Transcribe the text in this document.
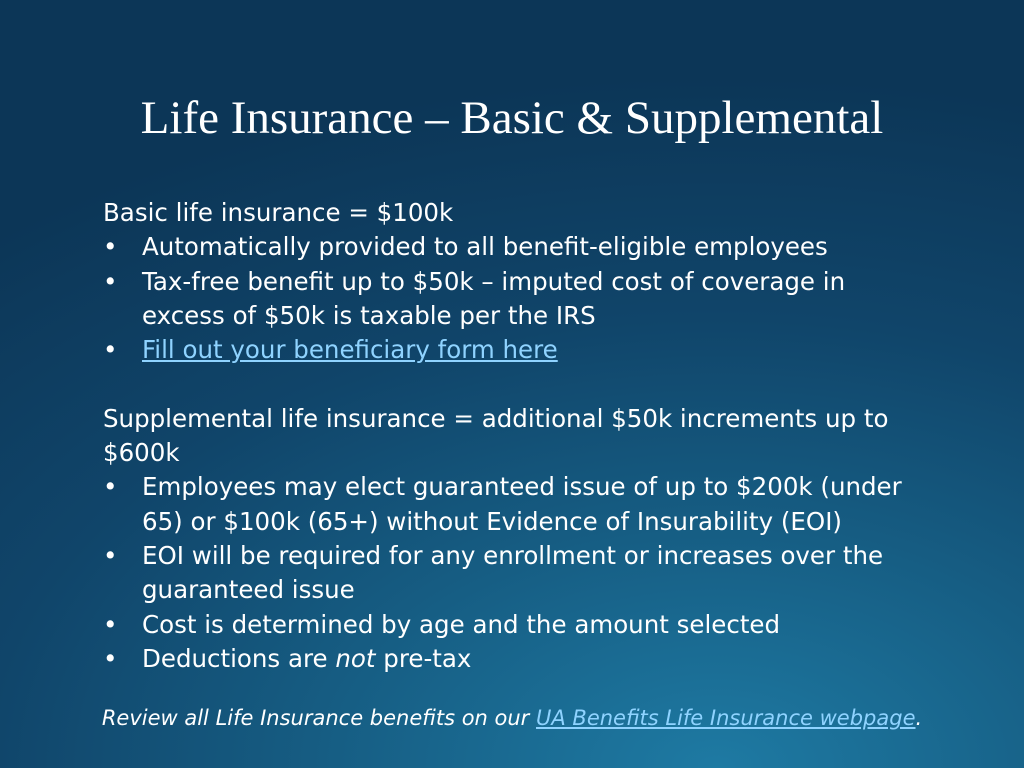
Life Insurance – Basic & Supplemental

Basic life insurance = $100k

•	Automatically provided to all benefit-eligible employees
•	Tax-free benefit up to $50k – imputed cost of coverage in excess of $50k is taxable per the IRS
•	Fill out your beneficiary form here

Supplemental life insurance = additional $50k increments up to $600k

•	Employees may elect guaranteed issue of up to $200k (under 65) or $100k (65+) without Evidence of Insurability (EOI)
•	EOI will be required for any enrollment or increases over the guaranteed issue
•	Cost is determined by age and the amount selected
•	Deductions are not pre-tax
Review all Life Insurance benefits on our UA Benefits Life Insurance webpage.
